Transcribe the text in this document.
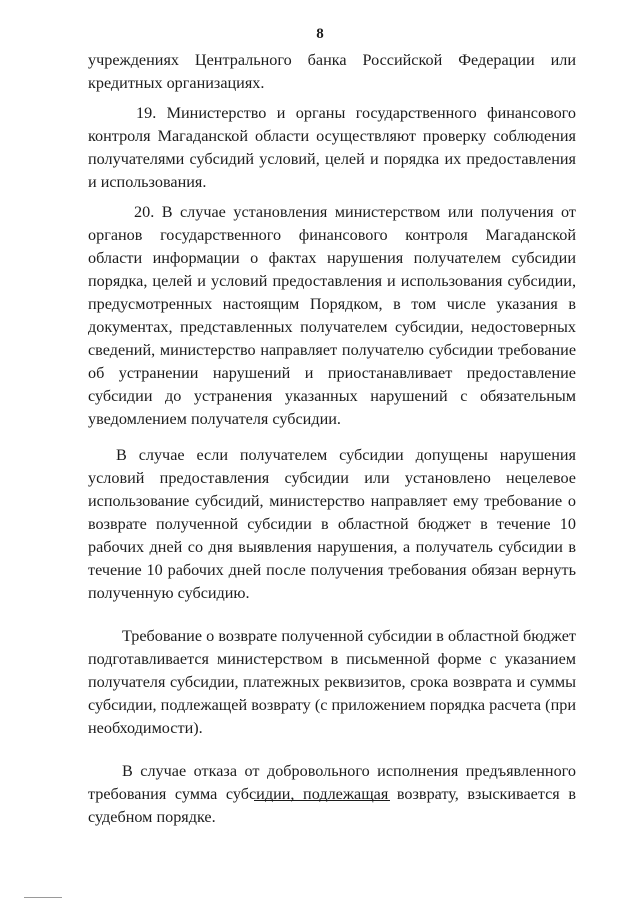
8

учреждениях Центрального банка Российской Федерации или кредитных организациях.

19. Министерство и органы государственного финансового контроля Магаданской области осуществляют проверку соблюдения получателями субсидий условий, целей и порядка их предоставления и использования.

20. В случае установления министерством или получения от органов государственного финансового контроля Магаданской области информации о фактах нарушения получателем субсидии порядка, целей и условий предоставления и использования субсидии, предусмотренных настоящим Порядком, в том числе указания в документах, представленных получателем субсидии, недостоверных сведений, министерство направляет получателю субсидии требование об устранении нарушений и приостанавливает предоставление субсидии до устранения указанных нарушений с обязательным уведомлением получателя субсидии.

В случае если получателем субсидии допущены нарушения условий предоставления субсидии или установлено нецелевое использование субсидий, министерство направляет ему требование о возврате полученной субсидии в областной бюджет в течение 10 рабочих дней со дня выявления нарушения, а получатель субсидии в течение 10 рабочих дней после получения требования обязан вернуть полученную субсидию.

Требование о возврате полученной субсидии в областной бюджет подготавливается министерством в письменной форме с указанием получателя субсидии, платежных реквизитов, срока возврата и суммы субсидии, подлежащей возврату (с приложением порядка расчета (при необходимости).

В случае отказа от добровольного исполнения предъявленного требования сумма субсидии, подлежащая возврату, взыскивается в судебном порядке.
